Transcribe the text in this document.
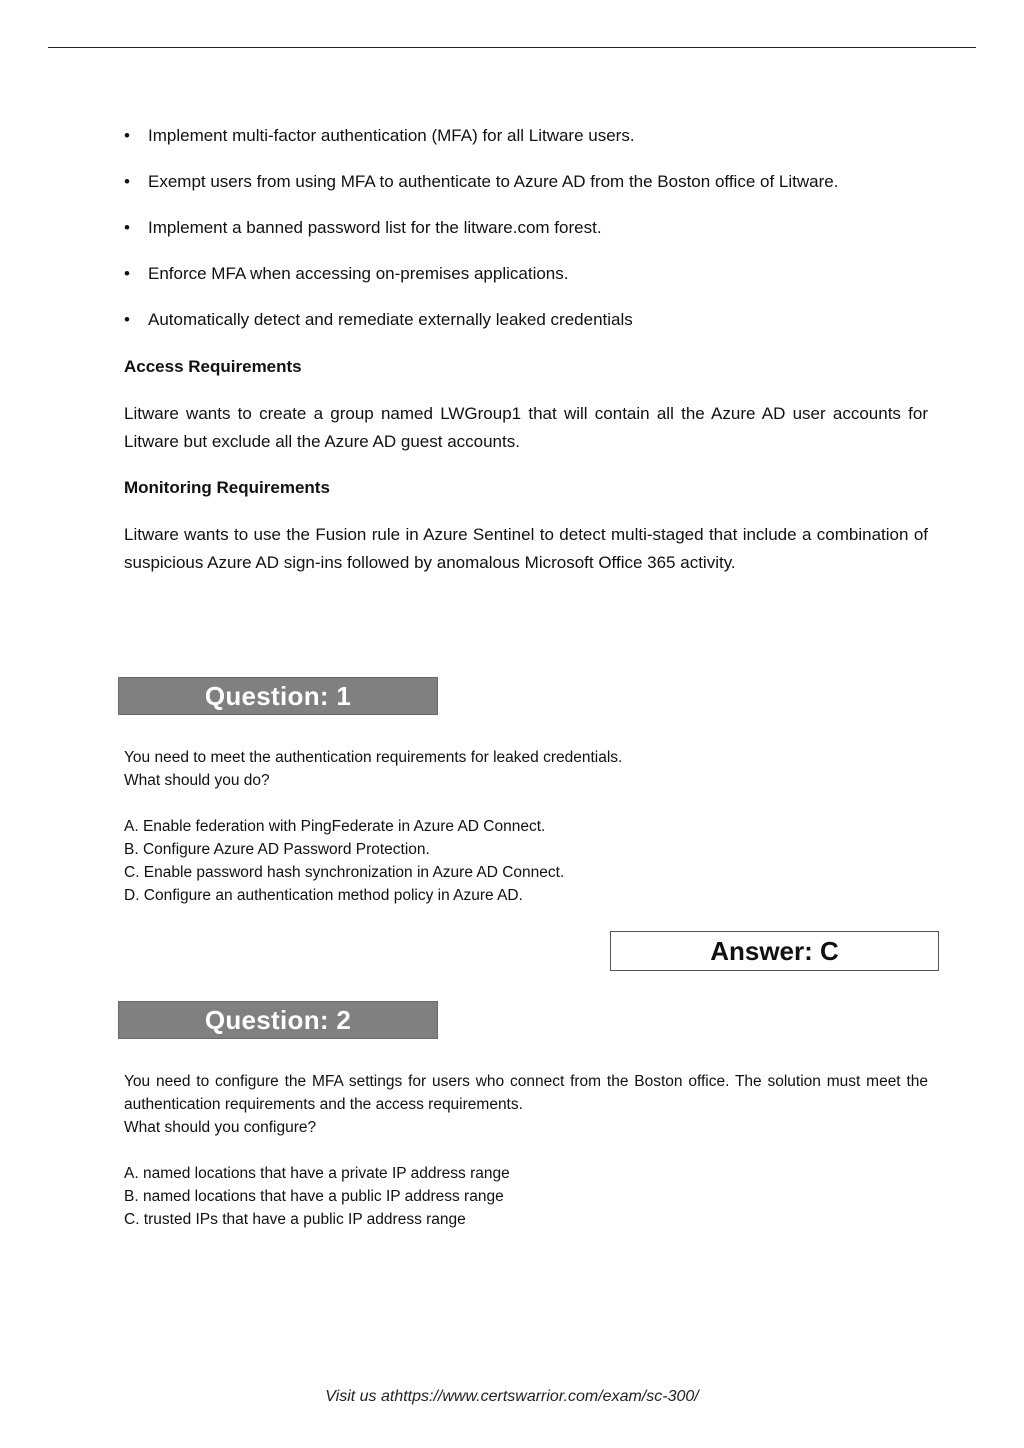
• Implement multi-factor authentication (MFA) for all Litware users.
• Exempt users from using MFA to authenticate to Azure AD from the Boston office of Litware.
• Implement a banned password list for the litware.com forest.
• Enforce MFA when accessing on-premises applications.
• Automatically detect and remediate externally leaked credentials
Access Requirements

Litware wants to create a group named LWGroup1 that will contain all the Azure AD user accounts for Litware but exclude all the Azure AD guest accounts.

Monitoring Requirements

Litware wants to use the Fusion rule in Azure Sentinel to detect multi-staged that include a combination of suspicious Azure AD sign-ins followed by anomalous Microsoft Office 365 activity.

Question: 1

You need to meet the authentication requirements for leaked credentials.

What should you do?

A. Enable federation with PingFederate in Azure AD Connect.
B. Configure Azure AD Password Protection.
C. Enable password hash synchronization in Azure AD Connect.
D. Configure an authentication method policy in Azure AD.
Answer: C
Question: 2

You need to configure the MFA settings for users who connect from the Boston office. The solution must meet the authentication requirements and the access requirements.

What should you configure?

A. named locations that have a private IP address range
B. named locations that have a public IP address range
C. trusted IPs that have a public IP address range
Visit us athttps://www.certswarrior.com/exam/sc-300/
